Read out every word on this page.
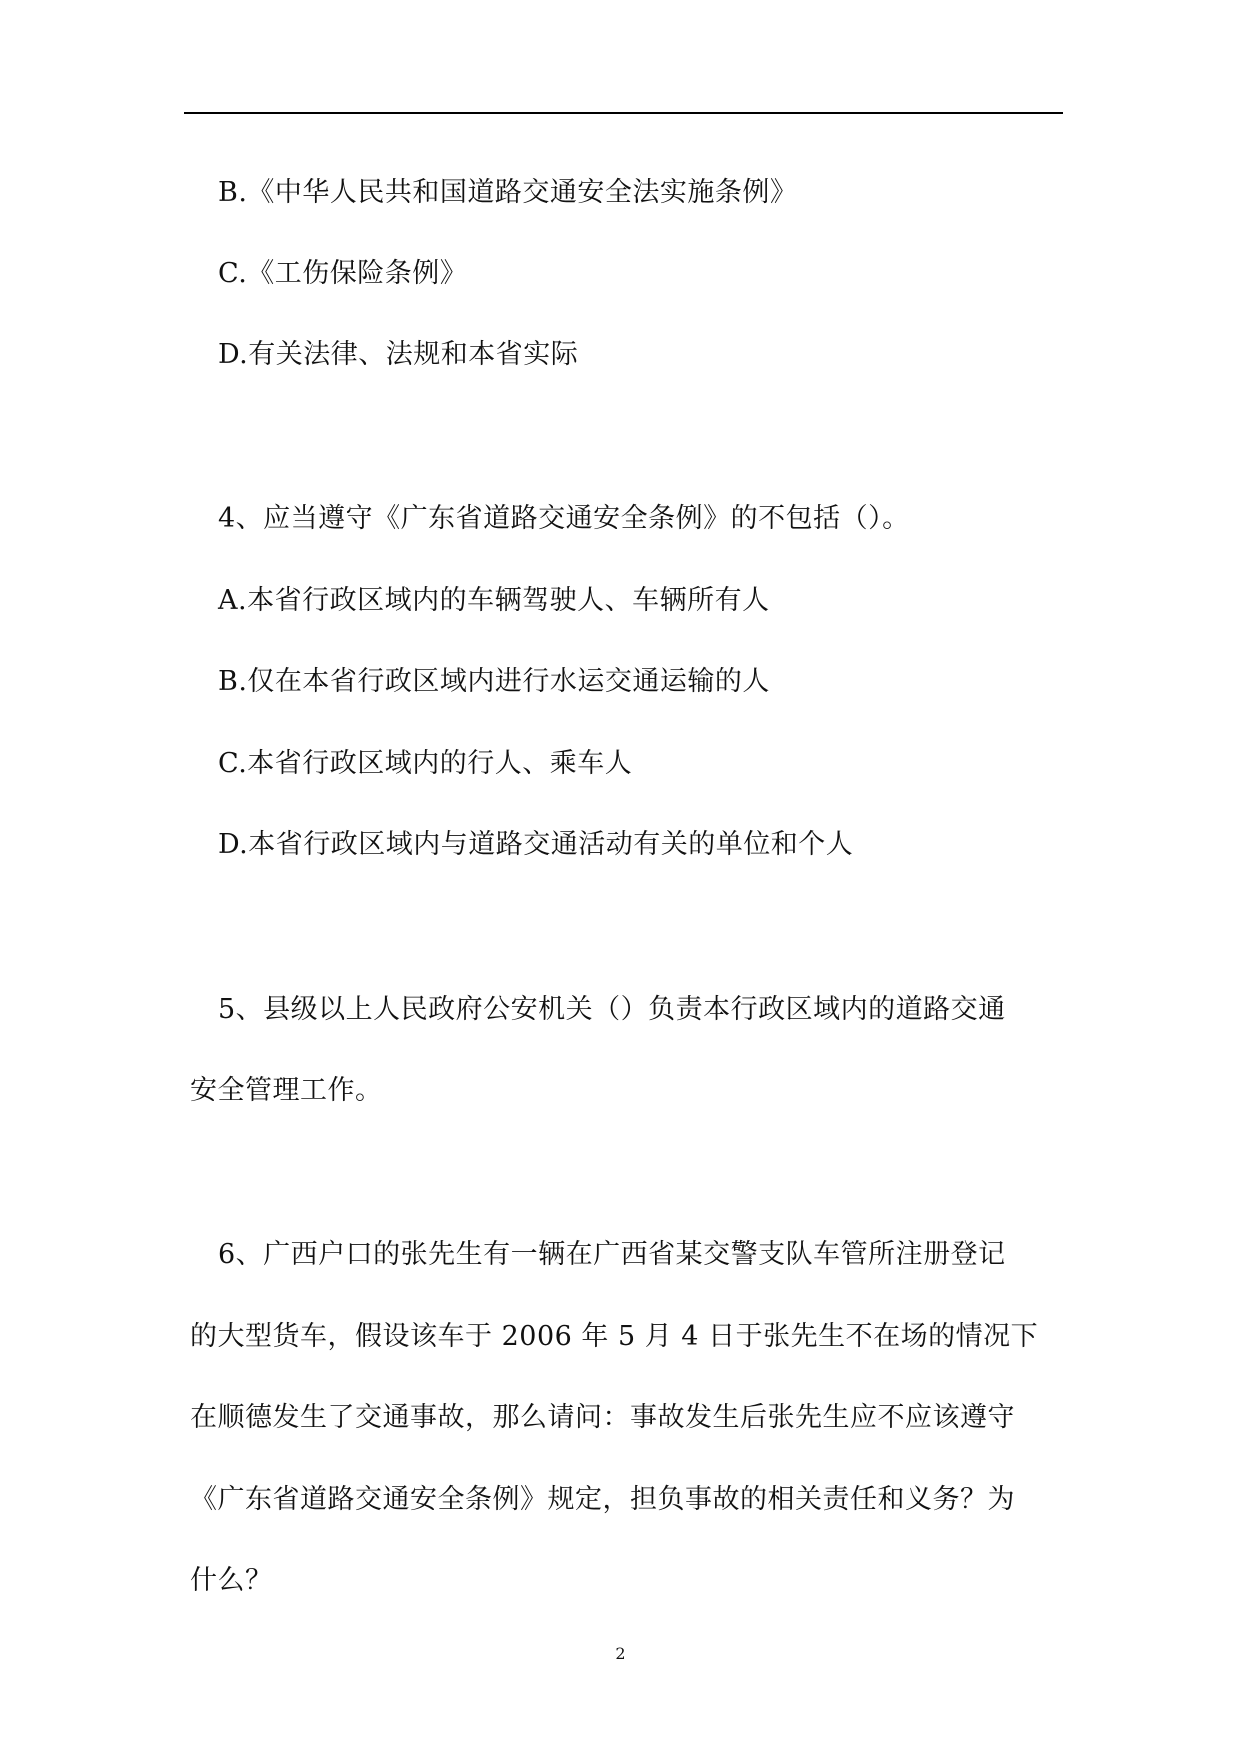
B.《中华人民共和国道路交通安全法实施条例》
C.《工伤保险条例》
D.有关法律、法规和本省实际
4、应当遵守《广东省道路交通安全条例》的不包括（）。
A.本省行政区域内的车辆驾驶人、车辆所有人
B.仅在本省行政区域内进行水运交通运输的人
C.本省行政区域内的行人、乘车人
D.本省行政区域内与道路交通活动有关的单位和个人
5、县级以上人民政府公安机关（）负责本行政区域内的道路交通
安全管理工作。
6、广西户口的张先生有一辆在广西省某交警支队车管所注册登记
的大型货车，假设该车于 2006 年 5 月 4 日于张先生不在场的情况下
在顺德发生了交通事故，那么请问：事故发生后张先生应不应该遵守
《广东省道路交通安全条例》规定，担负事故的相关责任和义务？为
什么？
2
